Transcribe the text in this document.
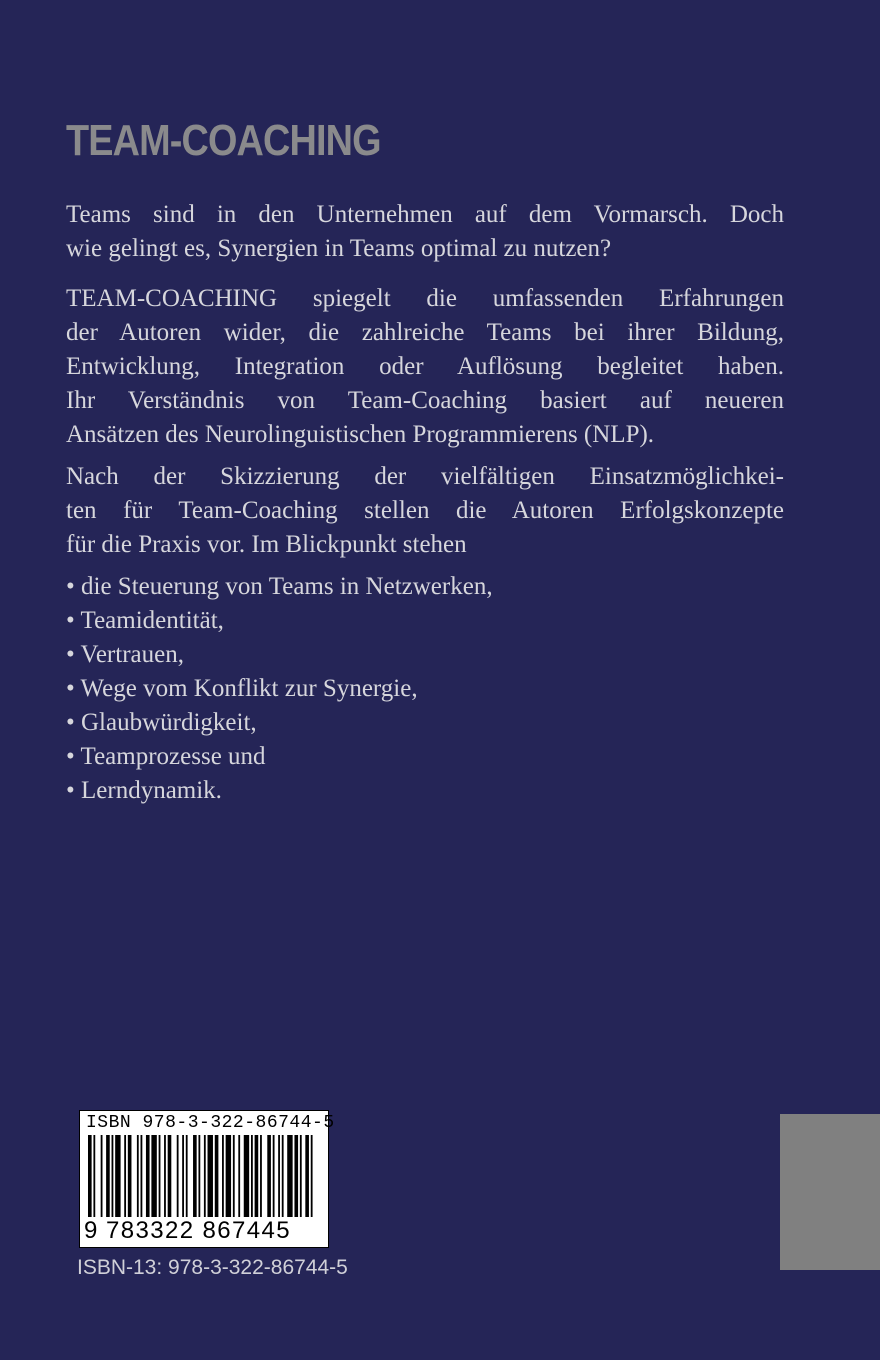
TEAM-COACHING

Teams sind in den Unternehmen auf dem Vormarsch. Doch
wie gelingt es, Synergien in Teams optimal zu nutzen?

TEAM-COACHING spiegelt die umfassenden Erfahrungen
der Autoren wider, die zahlreiche Teams bei ihrer Bildung,
Entwicklung, Integration oder Auflösung begleitet haben.
Ihr Verständnis von Team-Coaching basiert auf neueren
Ansätzen des Neurolinguistischen Programmierens (NLP).

Nach der Skizzierung der vielfältigen Einsatzmöglichkei-
ten für Team-Coaching stellen die Autoren Erfolgskonzepte
für die Praxis vor. Im Blickpunkt stehen

• die Steuerung von Teams in Netzwerken,
• Teamidentität,
• Vertrauen,
• Wege vom Konflikt zur Synergie,
• Glaubwürdigkeit,
• Teamprozesse und
• Lerndynamik.
ISBN 978-3-322-86744-5
9 783322 867445
ISBN-13: 978-3-322-86744-5
